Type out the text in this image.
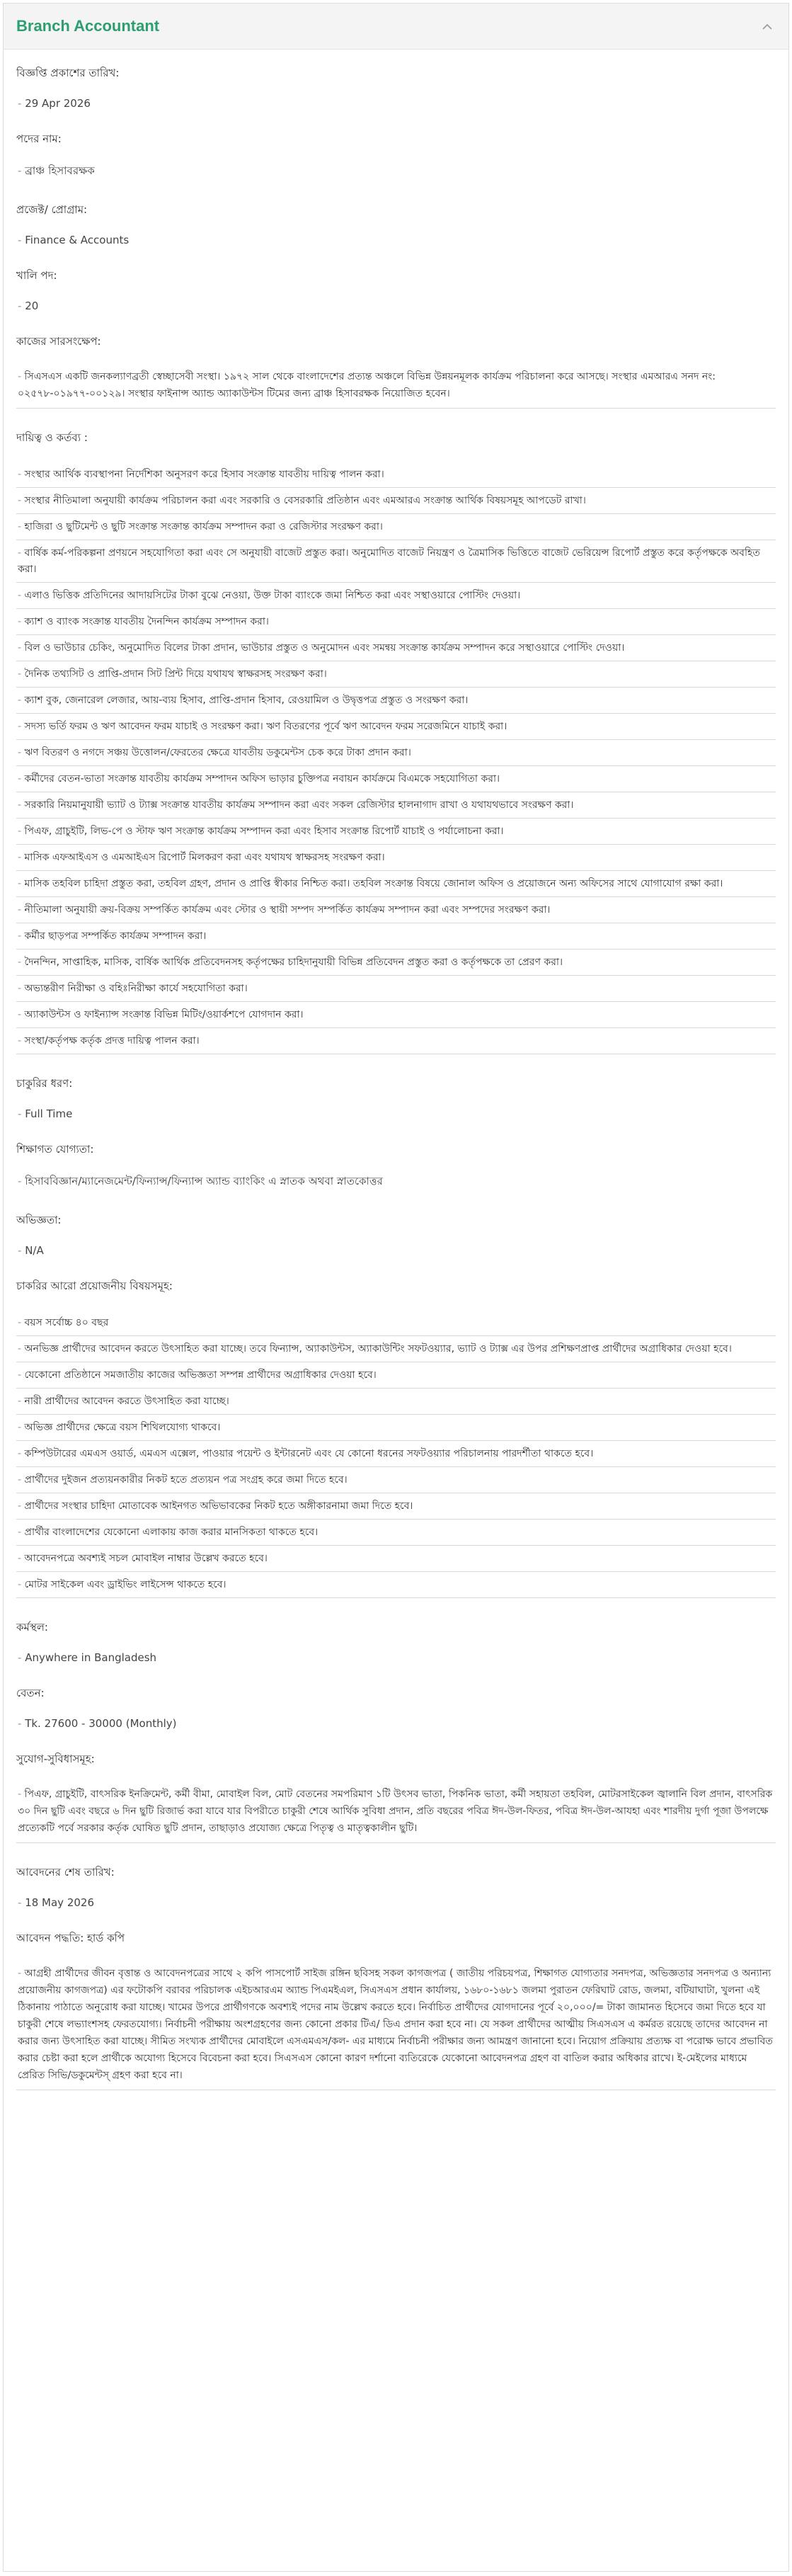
Branch Accountant
বিজ্ঞপ্তি প্রকাশের তারিখ:
- 29 Apr 2026
পদের নাম:
- ব্রাঞ্চ হিসাবরক্ষক
প্রজেক্ট/ প্রোগ্রাম:
- Finance & Accounts
খালি পদ:
- 20
কাজের সারসংক্ষেপ:
- সিএসএস একটি জনকল্যাণব্রতী স্বেচ্ছাসেবী সংস্থা। ১৯৭২ সাল থেকে বাংলাদেশের প্রত্যন্ত অঞ্চলে বিভিন্ন উন্নয়নমূলক কার্যক্রম পরিচালনা করে আসছে। সংস্থার এমআরএ সনদ নং: ০২৫৭৮-০১৯৭৭-০০১২৯। সংস্থার ফাইনান্স অ্যান্ড অ্যাকাউন্টস টিমের জন্য ব্রাঞ্চ হিসাবরক্ষক নিয়োজিত হবেন।
দায়িত্ব ও কর্তব্য :
- সংস্থার আর্থিক ব্যবস্থাপনা নির্দেশিকা অনুসরণ করে হিসাব সংক্রান্ত যাবতীয় দায়িত্ব পালন করা।
- সংস্থার নীতিমালা অনুযায়ী কার্যক্রম পরিচালন করা এবং সরকারি ও বেসরকারি প্রতিষ্ঠান এবং এমআরএ সংক্রান্ত আর্থিক বিষয়সমূহ আপডেট রাখা।
- হাজিরা ও ছুটিমেন্ট ও ছুটি সংক্রান্ত সংক্রান্ত কার্যক্রম সম্পাদন করা ও রেজিস্টার সংরক্ষণ করা।
- বার্ষিক কর্ম-পরিকল্পনা প্রণয়নে সহযোগিতা করা এবং সে অনুযায়ী বাজেট প্রস্তুত করা। অনুমোদিত বাজেট নিয়ন্ত্রণ ও ত্রৈমাসিক ভিত্তিতে বাজেট ভেরিয়েন্স রিপোর্ট প্রস্তুত করে কর্তৃপক্ষকে অবহিত করা।
- এলাও ভিত্তিক প্রতিদিনের আদায়সিটের টাকা বুঝে নেওয়া, উক্ত টাকা ব্যাংকে জমা নিশ্চিত করা এবং সস্থাওয়ারে পোস্টিং দেওয়া।
- ক্যাশ ও ব্যাংক সংক্রান্ত যাবতীয় দৈনন্দিন কার্যক্রম সম্পাদন করা।
- বিল ও ভাউচার চেকিং, অনুমোদিত বিলের টাকা প্রদান, ভাউচার প্রস্তুত ও অনুমোদন এবং সমন্বয় সংক্রান্ত কার্যক্রম সম্পাদন করে সস্থাওয়ারে পোস্টিং দেওয়া।
- দৈনিক তথ্যসিট ও প্রাপ্তি-প্রদান সিট প্রিন্ট দিয়ে যথাযথ স্বাক্ষরসহ সংরক্ষণ করা।
- ক্যাশ বুক, জেনারেল লেজার, আয়-ব্যয় হিসাব, প্রাপ্তি-প্রদান হিসাব, রেওয়ামিল ও উদ্বৃত্তপত্র প্রস্তুত ও সংরক্ষণ করা।
- সদস্য ভর্তি ফরম ও ঋণ আবেদন ফরম যাচাই ও সংরক্ষণ করা। ঋণ বিতরণের পূর্বে ঋণ আবেদন ফরম সরেজমিনে যাচাই করা।
- ঋণ বিতরণ ও নগদে সঞ্চয় উত্তোলন/ফেরতের ক্ষেত্রে যাবতীয় ডকুমেন্টস চেক করে টাকা প্রদান করা।
- কর্মীদের বেতন-ভাতা সংক্রান্ত যাবতীয় কার্যক্রম সম্পাদন অফিস ভাড়ার চুক্তিপত্র নবায়ন কার্যক্রমে বিএমকে সহযোগিতা করা।
- সরকারি নিয়মানুযায়ী ভ্যাট ও ট্যাক্স সংক্রান্ত যাবতীয় কার্যক্রম সম্পাদন করা এবং সকল রেজিস্টার হালনাগাদ রাখা ও যথাযথভাবে সংরক্ষণ করা।
- পিএফ, গ্রাচুইটি, লিভ-পে ও স্টাফ ঋণ সংক্রান্ত কার্যক্রম সম্পাদন করা এবং হিসাব সংক্রান্ত রিপোর্ট যাচাই ও পর্যালোচনা করা।
- মাসিক এফআইএস ও এমআইএস রিপোর্ট মিলকরণ করা এবং যথাযথ স্বাক্ষরসহ সংরক্ষণ করা।
- মাসিক তহবিল চাহিদা প্রস্তুত করা, তহবিল গ্রহণ, প্রদান ও প্রাপ্তি স্বীকার নিশ্চিত করা। তহবিল সংক্রান্ত বিষয়ে জোনাল অফিস ও প্রয়োজনে অন্য অফিসের সাথে যোগাযোগ রক্ষা করা।
- নীতিমালা অনুযায়ী ক্রয়-বিক্রয় সম্পর্কিত কার্যক্রম এবং স্টোর ও স্থায়ী সম্পদ সম্পর্কিত কার্যক্রম সম্পাদন করা এবং সম্পদের সংরক্ষণ করা।
- কর্মীর ছাড়পত্র সম্পর্কিত কার্যক্রম সম্পাদন করা।
- দৈনন্দিন, সাপ্তাহিক, মাসিক, বার্ষিক আর্থিক প্রতিবেদনসহ কর্তৃপক্ষের চাহিদানুযায়ী বিভিন্ন প্রতিবেদন প্রস্তুত করা ও কর্তৃপক্ষকে তা প্রেরণ করা।
- অভ্যন্তরীণ নিরীক্ষা ও বহিঃনিরীক্ষা কার্যে সহযোগিতা করা।
- অ্যাকাউন্টস ও ফাইন্যান্স সংক্রান্ত বিভিন্ন মিটিং/ওয়ার্কশপে যোগদান করা।
- সংস্থা/কর্তৃপক্ষ কর্তৃক প্রদত্ত দায়িত্ব পালন করা।
চাকুরির ধরণ:
- Full Time
শিক্ষাগত যোগ্যতা:
- হিসাববিজ্ঞান/ম্যানেজমেন্ট/ফিন্যান্স/ফিন্যান্স অ্যান্ড ব্যাংকিং এ স্নাতক অথবা স্নাতকোত্তর
অভিজ্ঞতা:
- N/A
চাকরির আরো প্রয়োজনীয় বিষয়সমূহ:
- বয়স সর্বোচ্চ ৪০ বছর
- অনভিজ্ঞ প্রার্থীদের আবেদন করতে উৎসাহিত করা যাচ্ছে। তবে ফিন্যান্স, অ্যাকাউন্টস, অ্যাকাউন্টিং সফটওয়্যার, ভ্যাট ও ট্যাক্স এর উপর প্রশিক্ষণপ্রাপ্ত প্রার্থীদের অগ্রাধিকার দেওয়া হবে।
- যেকোনো প্রতিষ্ঠানে সমজাতীয় কাজের অভিজ্ঞতা সম্পন্ন প্রার্থীদের অগ্রাধিকার দেওয়া হবে।
- নারী প্রার্থীদের আবেদন করতে উৎসাহিত করা যাচ্ছে।
- অভিজ্ঞ প্রার্থীদের ক্ষেত্রে বয়স শিথিলযোগ্য থাকবে।
- কম্পিউটারের এমএস ওয়ার্ড, এমএস এক্সেল, পাওয়ার পয়েন্ট ও ইন্টারনেট এবং যে কোনো ধরনের সফটওয়্যার পরিচালনায় পারদর্শীতা থাকতে হবে।
- প্রার্থীদের দুইজন প্রত্যয়নকারীর নিকট হতে প্রত্যয়ন পত্র সংগ্রহ করে জমা দিতে হবে।
- প্রার্থীদের সংস্থার চাহিদা মোতাবেক আইনগত অভিভাবকের নিকট হতে অঙ্গীকারনামা জমা দিতে হবে।
- প্রার্থীর বাংলাদেশের যেকোনো এলাকায় কাজ করার মানসিকতা থাকতে হবে।
- আবেদনপত্রে অবশ্যই সচল মোবাইল নাম্বার উল্লেখ করতে হবে।
- মোটর সাইকেল এবং ড্রাইভিং লাইসেন্স থাকতে হবে।
কর্মস্থল:
- Anywhere in Bangladesh
বেতন:
- Tk. 27600 - 30000 (Monthly)
সুযোগ-সুবিধাসমূহ:
- পিএফ, গ্রাচুইটি, বাৎসরিক ইনক্রিমেন্ট, কর্মী বীমা, মোবাইল বিল, মোট বেতনের সমপরিমাণ ১টি উৎসব ভাতা, পিকনিক ভাতা, কর্মী সহায়তা তহবিল, মোটরসাইকেল জ্বালানি বিল প্রদান, বাৎসরিক ৩০ দিন ছুটি এবং বছরে ৬ দিন ছুটি রিজার্ভ করা যাবে যার বিপরীতে চাকুরী শেষে আর্থিক সুবিধা প্রদান, প্রতি বছরের পবিত্র ঈদ-উল-ফিতর, পবিত্র ঈদ-উল-আযহা এবং শারদীয় দুর্গা পূজা উপলক্ষে প্রত্যেকটি পর্বে সরকার কর্তৃক ঘোষিত ছুটি প্রদান, তাছাড়াও প্রযোজ্য ক্ষেত্রে পিতৃত্ব ও মাতৃত্বকালীন ছুটি।
আবেদনের শেষ তারিখ:
- 18 May 2026
আবেদন পদ্ধতি: হার্ড কপি
- আগ্রহী প্রার্থীদের জীবন বৃত্তান্ত ও আবেদনপত্রের সাথে ২ কপি পাসপোর্ট সাইজ রঙ্গিন ছবিসহ সকল কাগজপত্র ( জাতীয় পরিচয়পত্র, শিক্ষাগত যোগ্যতার সনদপত্র, অভিজ্ঞতার সনদপত্র ও অন্যান্য প্রয়োজনীয় কাগজপত্র) এর ফটোকপি বরাবর পরিচালক এইচআরএম অ্যান্ড পিএমইএল, সিএসএস প্রধান কার্যালয়, ১৬৮০-১৬৮১ জলমা পুরাতন ফেরিঘাট রোড, জলমা, বটিয়াঘাটা, খুলনা এই ঠিকানায় পাঠাতে অনুরোধ করা যাচ্ছে। খামের উপরে প্রার্থীগণকে অবশ্যই পদের নাম উল্লেখ করতে হবে। নির্বাচিত প্রার্থীদের যোগদানের পূর্বে ২০,০০০/= টাকা জামানত হিসেবে জমা দিতে হবে যা চাকুরী শেষে লভ্যাংশসহ ফেরতযোগ্য। নির্বাচনী পরীক্ষায় অংশগ্রহণের জন্য কোনো প্রকার টিএ/ ডিএ প্রদান করা হবে না। যে সকল প্রার্থীদের আত্মীয় সিএসএস এ কর্মরত রয়েছে তাদের আবেদন না করার জন্য উৎসাহিত করা যাচ্ছে। সীমিত সংখ্যক প্রার্থীদের মোবাইলে এসএমএস/কল- এর মাধ্যমে নির্বাচনী পরীক্ষার জন্য আমন্ত্রণ জানানো হবে। নিয়োগ প্রক্রিয়ায় প্রত্যক্ষ বা পরোক্ষ ভাবে প্রভাবিত করার চেষ্টা করা হলে প্রার্থীকে অযোগ্য হিসেবে বিবেচনা করা হবে। সিএসএস কোনো কারণ দর্শানো ব্যতিরেকে যেকোনো আবেদনপত্র গ্রহণ বা বাতিল করার অধিকার রাখে। ই-মেইলের মাধ্যমে প্রেরিত সিভি/ডকুমেন্টস্‌ গ্রহণ করা হবে না।
